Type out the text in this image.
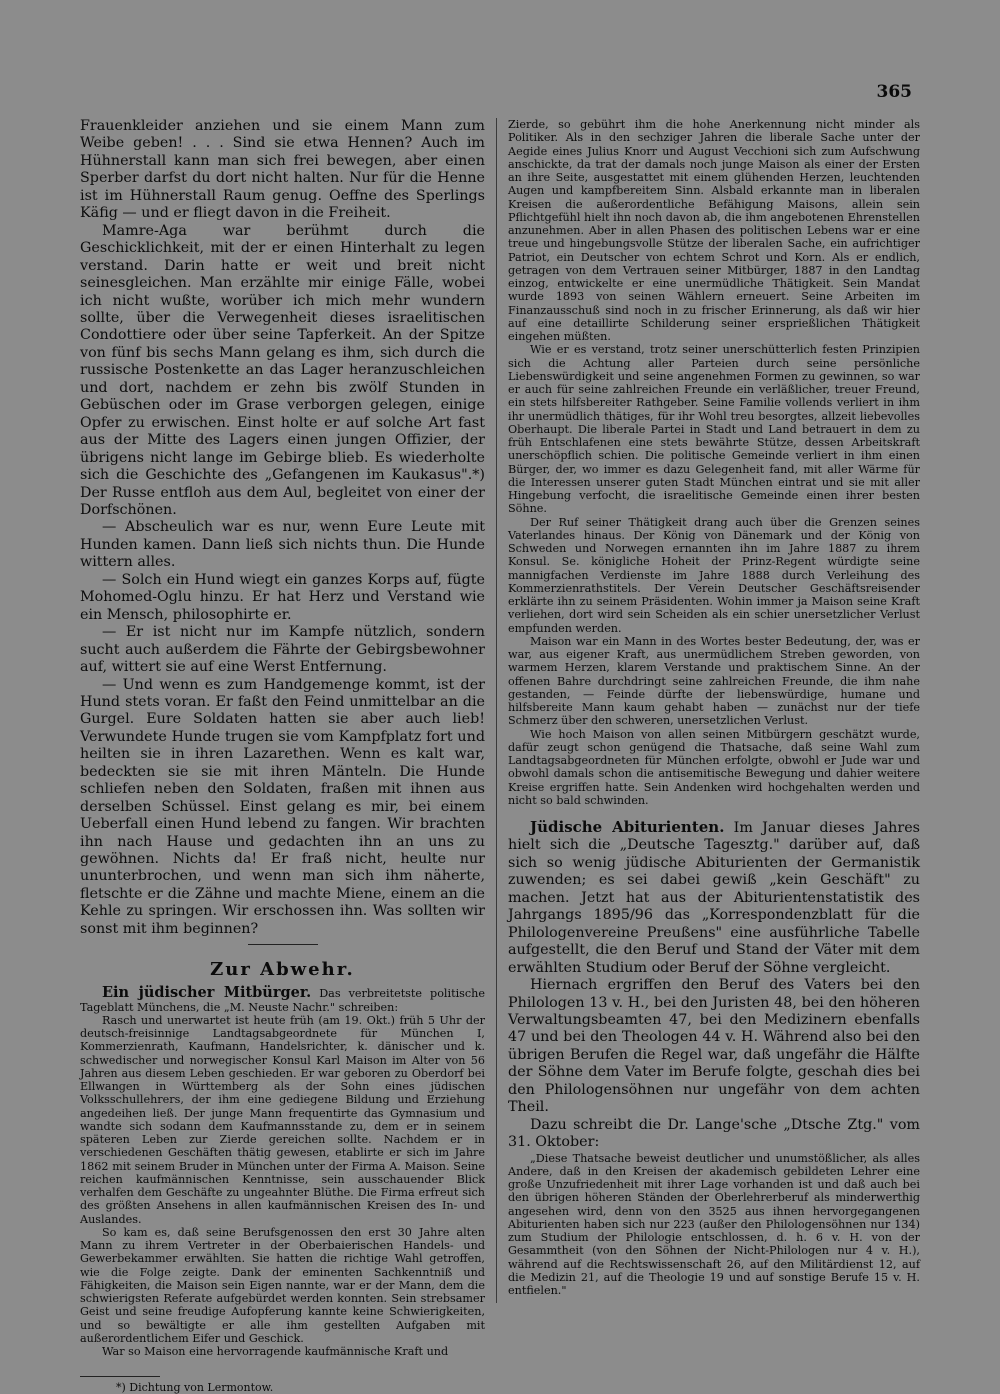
365

Frauenkleider anziehen und sie einem Mann zum Weibe geben! . . . Sind sie etwa Hennen? Auch im Hühnerstall kann man sich frei bewegen, aber einen Sperber darfst du dort nicht halten. Nur für die Henne ist im Hühnerstall Raum genug. Oeffne des Sperlings Käfig — und er fliegt davon in die Freiheit.

Mamre-Aga war berühmt durch die Geschicklichkeit, mit der er einen Hinterhalt zu legen verstand. Darin hatte er weit und breit nicht seinesgleichen. Man erzählte mir einige Fälle, wobei ich nicht wußte, worüber ich mich mehr wundern sollte, über die Verwegenheit dieses israelitischen Condottiere oder über seine Tapferkeit. An der Spitze von fünf bis sechs Mann gelang es ihm, sich durch die russische Postenkette an das Lager heranzuschleichen und dort, nachdem er zehn bis zwölf Stunden in Gebüschen oder im Grase verborgen gelegen, einige Opfer zu erwischen. Einst holte er auf solche Art fast aus der Mitte des Lagers einen jungen Offizier, der übrigens nicht lange im Gebirge blieb. Es wiederholte sich die Geschichte des „Gefangenen im Kaukasus".*) Der Russe entfloh aus dem Aul, begleitet von einer der Dorfschönen.

— Abscheulich war es nur, wenn Eure Leute mit Hunden kamen. Dann ließ sich nichts thun. Die Hunde wittern alles.

— Solch ein Hund wiegt ein ganzes Korps auf, fügte Mohomed-Oglu hinzu. Er hat Herz und Verstand wie ein Mensch, philosophirte er.

— Er ist nicht nur im Kampfe nützlich, sondern sucht auch außerdem die Fährte der Gebirgsbewohner auf, wittert sie auf eine Werst Entfernung.

— Und wenn es zum Handgemenge kommt, ist der Hund stets voran. Er faßt den Feind unmittelbar an die Gurgel. Eure Soldaten hatten sie aber auch lieb! Verwundete Hunde trugen sie vom Kampfplatz fort und heilten sie in ihren Lazarethen. Wenn es kalt war, bedeckten sie sie mit ihren Mänteln. Die Hunde schliefen neben den Soldaten, fraßen mit ihnen aus derselben Schüssel. Einst gelang es mir, bei einem Ueberfall einen Hund lebend zu fangen. Wir brachten ihn nach Hause und gedachten ihn an uns zu gewöhnen. Nichts da! Er fraß nicht, heulte nur ununterbrochen, und wenn man sich ihm näherte, fletschte er die Zähne und machte Miene, einem an die Kehle zu springen. Wir erschossen ihn. Was sollten wir sonst mit ihm beginnen?

Zur Abwehr.

Ein jüdischer Mitbürger. Das verbreitetste politische Tageblatt Münchens, die „M. Neuste Nachr." schreiben:

Rasch und unerwartet ist heute früh (am 19. Okt.) früh 5 Uhr der deutsch-freisinnige Landtagsabgeordnete für München I, Kommerzienrath, Kaufmann, Handelsrichter, k. dänischer und k. schwedischer und norwegischer Konsul Karl Maison im Alter von 56 Jahren aus diesem Leben geschieden. Er war geboren zu Oberdorf bei Ellwangen in Württemberg als der Sohn eines jüdischen Volksschullehrers, der ihm eine gediegene Bildung und Erziehung angedeihen ließ. Der junge Mann frequentirte das Gymnasium und wandte sich sodann dem Kaufmannsstande zu, dem er in seinem späteren Leben zur Zierde gereichen sollte. Nachdem er in verschiedenen Geschäften thätig gewesen, etablirte er sich im Jahre 1862 mit seinem Bruder in München unter der Firma A. Maison. Seine reichen kaufmännischen Kenntnisse, sein ausschauender Blick verhalfen dem Geschäfte zu ungeahnter Blüthe. Die Firma erfreut sich des größten Ansehens in allen kaufmännischen Kreisen des In- und Auslandes.

So kam es, daß seine Berufsgenossen den erst 30 Jahre alten Mann zu ihrem Vertreter in der Oberbaierischen Handels- und Gewerbekammer erwählten. Sie hatten die richtige Wahl getroffen, wie die Folge zeigte. Dank der eminenten Sachkenntniß und Fähigkeiten, die Maison sein Eigen nannte, war er der Mann, dem die schwierigsten Referate aufgebürdet werden konnten. Sein strebsamer Geist und seine freudige Aufopferung kannte keine Schwierigkeiten, und so bewältigte er alle ihm gestellten Aufgaben mit außerordentlichem Eifer und Geschick.

War so Maison eine hervorragende kaufmännische Kraft und

*) Dichtung von Lermontow.

Zierde, so gebührt ihm die hohe Anerkennung nicht minder als Politiker. Als in den sechziger Jahren die liberale Sache unter der Aegide eines Julius Knorr und August Vecchioni sich zum Aufschwung anschickte, da trat der damals noch junge Maison als einer der Ersten an ihre Seite, ausgestattet mit einem glühenden Herzen, leuchtenden Augen und kampfbereitem Sinn. Alsbald erkannte man in liberalen Kreisen die außerordentliche Befähigung Maisons, allein sein Pflichtgefühl hielt ihn noch davon ab, die ihm angebotenen Ehrenstellen anzunehmen. Aber in allen Phasen des politischen Lebens war er eine treue und hingebungsvolle Stütze der liberalen Sache, ein aufrichtiger Patriot, ein Deutscher von echtem Schrot und Korn. Als er endlich, getragen von dem Vertrauen seiner Mitbürger, 1887 in den Landtag einzog, entwickelte er eine unermüdliche Thätigkeit. Sein Mandat wurde 1893 von seinen Wählern erneuert. Seine Arbeiten im Finanzausschuß sind noch in zu frischer Erinnerung, als daß wir hier auf eine detaillirte Schilderung seiner ersprießlichen Thätigkeit eingehen müßten.

Wie er es verstand, trotz seiner unerschütterlich festen Prinzipien sich die Achtung aller Parteien durch seine persönliche Liebenswürdigkeit und seine angenehmen Formen zu gewinnen, so war er auch für seine zahlreichen Freunde ein verläßlicher, treuer Freund, ein stets hilfsbereiter Rathgeber. Seine Familie vollends verliert in ihm ihr unermüdlich thätiges, für ihr Wohl treu besorgtes, allzeit liebevolles Oberhaupt. Die liberale Partei in Stadt und Land betrauert in dem zu früh Entschlafenen eine stets bewährte Stütze, dessen Arbeitskraft unerschöpflich schien. Die politische Gemeinde verliert in ihm einen Bürger, der, wo immer es dazu Gelegenheit fand, mit aller Wärme für die Interessen unserer guten Stadt München eintrat und sie mit aller Hingebung verfocht, die israelitische Gemeinde einen ihrer besten Söhne.

Der Ruf seiner Thätigkeit drang auch über die Grenzen seines Vaterlandes hinaus. Der König von Dänemark und der König von Schweden und Norwegen ernannten ihn im Jahre 1887 zu ihrem Konsul. Se. königliche Hoheit der Prinz-Regent würdigte seine mannigfachen Verdienste im Jahre 1888 durch Verleihung des Kommerzienrathstitels. Der Verein Deutscher Geschäftsreisender erklärte ihn zu seinem Präsidenten. Wohin immer ja Maison seine Kraft verliehen, dort wird sein Scheiden als ein schier unersetzlicher Verlust empfunden werden.

Maison war ein Mann in des Wortes bester Bedeutung, der, was er war, aus eigener Kraft, aus unermüdlichem Streben geworden, von warmem Herzen, klarem Verstande und praktischem Sinne. An der offenen Bahre durchdringt seine zahlreichen Freunde, die ihm nahe gestanden, — Feinde dürfte der liebenswürdige, humane und hilfsbereite Mann kaum gehabt haben — zunächst nur der tiefe Schmerz über den schweren, unersetzlichen Verlust.

Wie hoch Maison von allen seinen Mitbürgern geschätzt wurde, dafür zeugt schon genügend die Thatsache, daß seine Wahl zum Landtagsabgeordneten für München erfolgte, obwohl er Jude war und obwohl damals schon die antisemitische Bewegung und dahier weitere Kreise ergriffen hatte. Sein Andenken wird hochgehalten werden und nicht so bald schwinden.

Jüdische Abiturienten. Im Januar dieses Jahres hielt sich die „Deutsche Tagesztg." darüber auf, daß sich so wenig jüdische Abiturienten der Germanistik zuwenden; es sei dabei gewiß „kein Geschäft" zu machen. Jetzt hat aus der Abiturientenstatistik des Jahrgangs 1895/96 das „Korrespondenzblatt für die Philologenvereine Preußens" eine ausführliche Tabelle aufgestellt, die den Beruf und Stand der Väter mit dem erwählten Studium oder Beruf der Söhne vergleicht.

Hiernach ergriffen den Beruf des Vaters bei den Philologen 13 v. H., bei den Juristen 48, bei den höheren Verwaltungsbeamten 47, bei den Medizinern ebenfalls 47 und bei den Theologen 44 v. H. Während also bei den übrigen Berufen die Regel war, daß ungefähr die Hälfte der Söhne dem Vater im Berufe folgte, geschah dies bei den Philologensöhnen nur ungefähr von dem achten Theil.

Dazu schreibt die Dr. Lange'sche „Dtsche Ztg." vom 31. Oktober:

„Diese Thatsache beweist deutlicher und unumstößlicher, als alles Andere, daß in den Kreisen der akademisch gebildeten Lehrer eine große Unzufriedenheit mit ihrer Lage vorhanden ist und daß auch bei den übrigen höheren Ständen der Oberlehrerberuf als minderwerthig angesehen wird, denn von den 3525 aus ihnen hervorgegangenen Abiturienten haben sich nur 223 (außer den Philologensöhnen nur 134) zum Studium der Philologie entschlossen, d. h. 6 v. H. von der Gesammtheit (von den Söhnen der Nicht-Philologen nur 4 v. H.), während auf die Rechtswissenschaft 26, auf den Militärdienst 12, auf die Medizin 21, auf die Theologie 19 und auf sonstige Berufe 15 v. H. entfielen."
